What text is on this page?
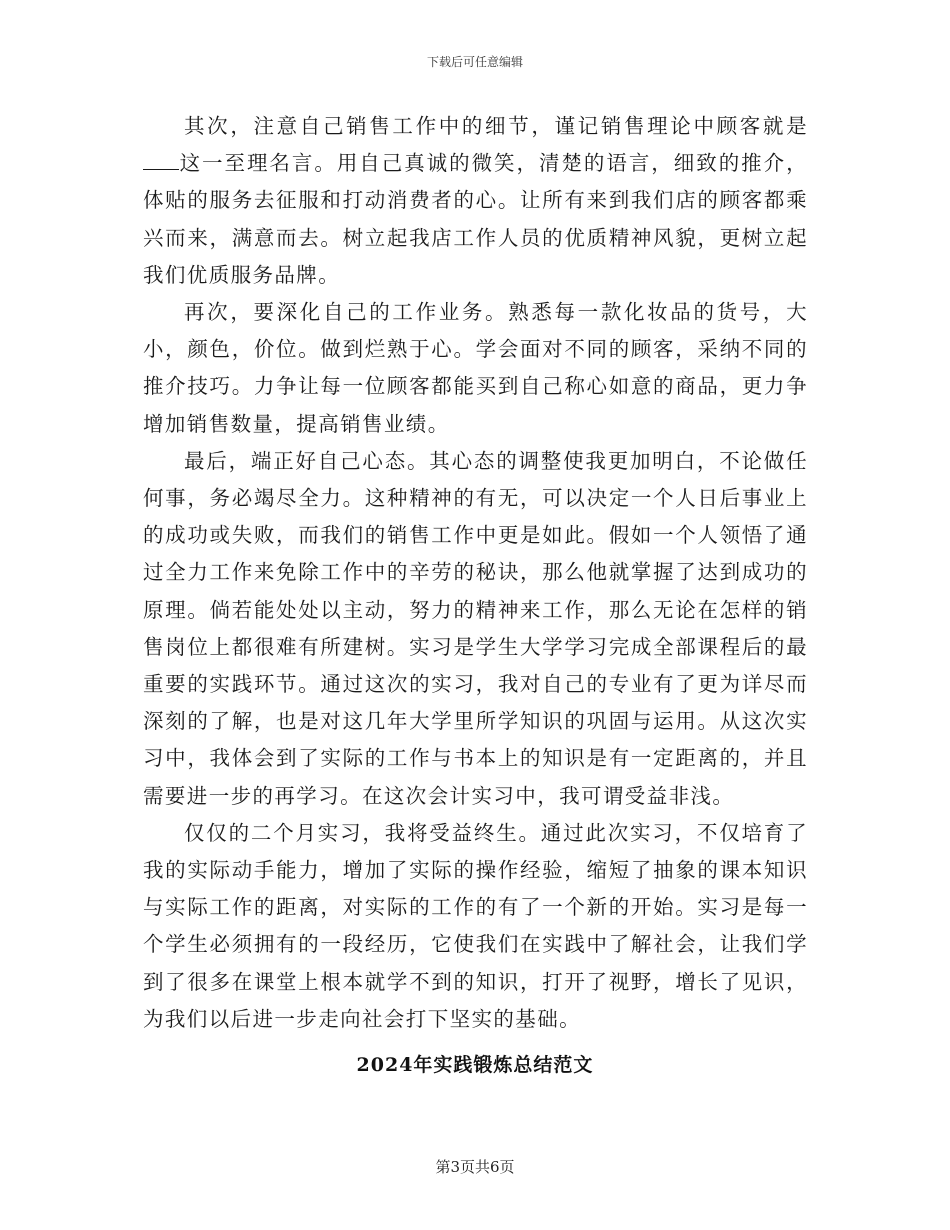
下载后可任意编辑

其次，注意自己销售工作中的细节，谨记销售理论中顾客就是这一至理名言。用自己真诚的微笑，清楚的语言，细致的推介，体贴的服务去征服和打动消费者的心。让所有来到我们店的顾客都乘兴而来，满意而去。树立起我店工作人员的优质精神风貌，更树立起我们优质服务品牌。

再次，要深化自己的工作业务。熟悉每一款化妆品的货号，大小，颜色，价位。做到烂熟于心。学会面对不同的顾客，采纳不同的推介技巧。力争让每一位顾客都能买到自己称心如意的商品，更力争增加销售数量，提高销售业绩。

最后，端正好自己心态。其心态的调整使我更加明白，不论做任何事，务必竭尽全力。这种精神的有无，可以决定一个人日后事业上的成功或失败，而我们的销售工作中更是如此。假如一个人领悟了通过全力工作来免除工作中的辛劳的秘诀，那么他就掌握了达到成功的原理。倘若能处处以主动，努力的精神来工作，那么无论在怎样的销售岗位上都很难有所建树。实习是学生大学学习完成全部课程后的最重要的实践环节。通过这次的实习，我对自己的专业有了更为详尽而深刻的了解，也是对这几年大学里所学知识的巩固与运用。从这次实习中，我体会到了实际的工作与书本上的知识是有一定距离的，并且需要进一步的再学习。在这次会计实习中，我可谓受益非浅。

仅仅的二个月实习，我将受益终生。通过此次实习，不仅培育了我的实际动手能力，增加了实际的操作经验，缩短了抽象的课本知识与实际工作的距离，对实际的工作的有了一个新的开始。实习是每一个学生必须拥有的一段经历，它使我们在实践中了解社会，让我们学到了很多在课堂上根本就学不到的知识，打开了视野，增长了见识，为我们以后进一步走向社会打下坚实的基础。

2024年实践锻炼总结范文
第3页共6页
